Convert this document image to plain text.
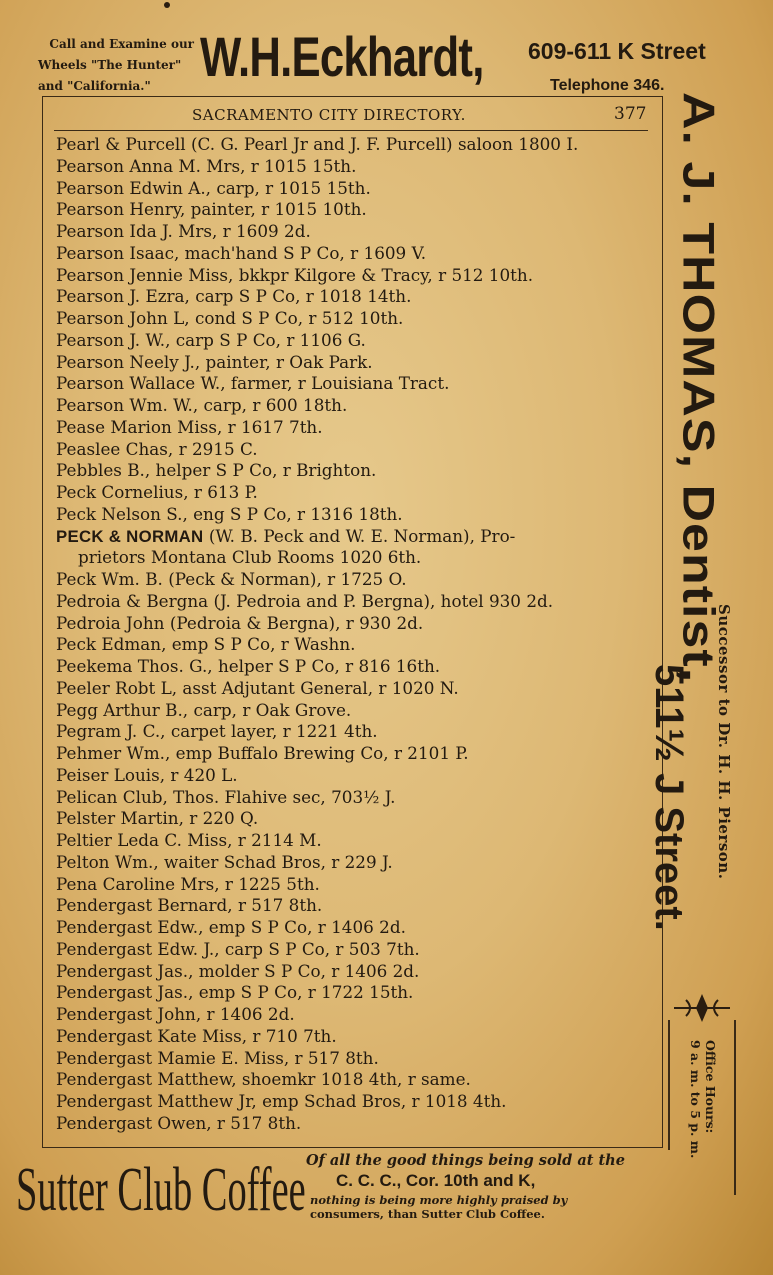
Call and Examine our
Wheels "The Hunter"
and "California." W.H.Eckhardt, 609-611 K Street
Telephone 346.
SACRAMENTO CITY DIRECTORY.	377
Pearl & Purcell (C. G. Pearl Jr and J. F. Purcell) saloon 1800 I.
Pearson Anna M. Mrs, r 1015 15th.
Pearson Edwin A., carp, r 1015 15th.
Pearson Henry, painter, r 1015 10th.
Pearson Ida J. Mrs, r 1609 2d.
Pearson Isaac, mach'hand S P Co, r 1609 V.
Pearson Jennie Miss, bkkpr Kilgore & Tracy, r 512 10th.
Pearson J. Ezra, carp S P Co, r 1018 14th.
Pearson John L, cond S P Co, r 512 10th.
Pearson J. W., carp S P Co, r 1106 G.
Pearson Neely J., painter, r Oak Park.
Pearson Wallace W., farmer, r Louisiana Tract.
Pearson Wm. W., carp, r 600 18th.
Pease Marion Miss, r 1617 7th.
Peaslee Chas, r 2915 C.
Pebbles B., helper S P Co, r Brighton.
Peck Cornelius, r 613 P.
Peck Nelson S., eng S P Co, r 1316 18th.
PECK & NORMAN (W. B. Peck and W. E. Norman), Pro-
prietors Montana Club Rooms 1020 6th.
Peck Wm. B. (Peck & Norman), r 1725 O.
Pedroia & Bergna (J. Pedroia and P. Bergna), hotel 930 2d.
Pedroia John (Pedroia & Bergna), r 930 2d.
Peck Edman, emp S P Co, r Washn.
Peekema Thos. G., helper S P Co, r 816 16th.
Peeler Robt L, asst Adjutant General, r 1020 N.
Pegg Arthur B., carp, r Oak Grove.
Pegram J. C., carpet layer, r 1221 4th.
Pehmer Wm., emp Buffalo Brewing Co, r 2101 P.
Peiser Louis, r 420 L.
Pelican Club, Thos. Flahive sec, 703½ J.
Pelster Martin, r 220 Q.
Peltier Leda C. Miss, r 2114 M.
Pelton Wm., waiter Schad Bros, r 229 J.
Pena Caroline Mrs, r 1225 5th.
Pendergast Bernard, r 517 8th.
Pendergast Edw., emp S P Co, r 1406 2d.
Pendergast Edw. J., carp S P Co, r 503 7th.
Pendergast Jas., molder S P Co, r 1406 2d.
Pendergast Jas., emp S P Co, r 1722 15th.
Pendergast John, r 1406 2d.
Pendergast Kate Miss, r 710 7th.
Pendergast Mamie E. Miss, r 517 8th.
Pendergast Matthew, shoemkr 1018 4th, r same.
Pendergast Matthew Jr, emp Schad Bros, r 1018 4th.
Pendergast Owen, r 517 8th.
A. J. THOMAS, Dentist,
Successor to Dr. H. H. Pierson.
511½ J Street.
Office Hours:
9 a. m. to 5 p. m.
Sutter Club Coffee Of all the good things being sold at the
C. C. C., Cor. 10th and K,
nothing is being more highly praised by
consumers, than Sutter Club Coffee.
